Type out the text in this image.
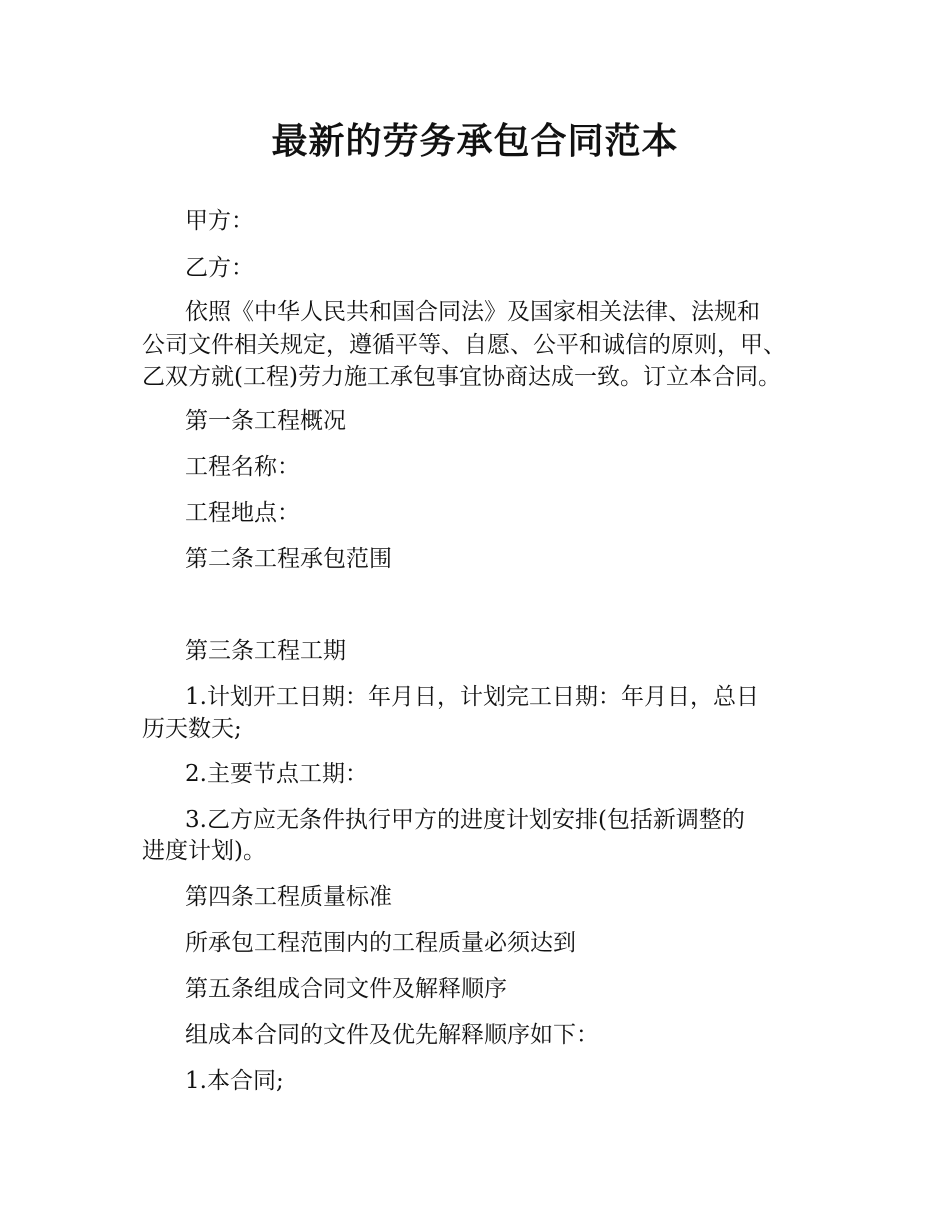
最新的劳务承包合同范本

甲方：

乙方：

依照《中华人民共和国合同法》及国家相关法律、法规和

公司文件相关规定，遵循平等、自愿、公平和诚信的原则，甲、

乙双方就(工程)劳力施工承包事宜协商达成一致。订立本合同。

第一条工程概况

工程名称：

工程地点：

第二条工程承包范围

第三条工程工期

1.计划开工日期：年月日，计划完工日期：年月日，总日

历天数天;

2.主要节点工期：

3.乙方应无条件执行甲方的进度计划安排(包括新调整的

进度计划)。

第四条工程质量标准

所承包工程范围内的工程质量必须达到

第五条组成合同文件及解释顺序

组成本合同的文件及优先解释顺序如下：

1.本合同;
